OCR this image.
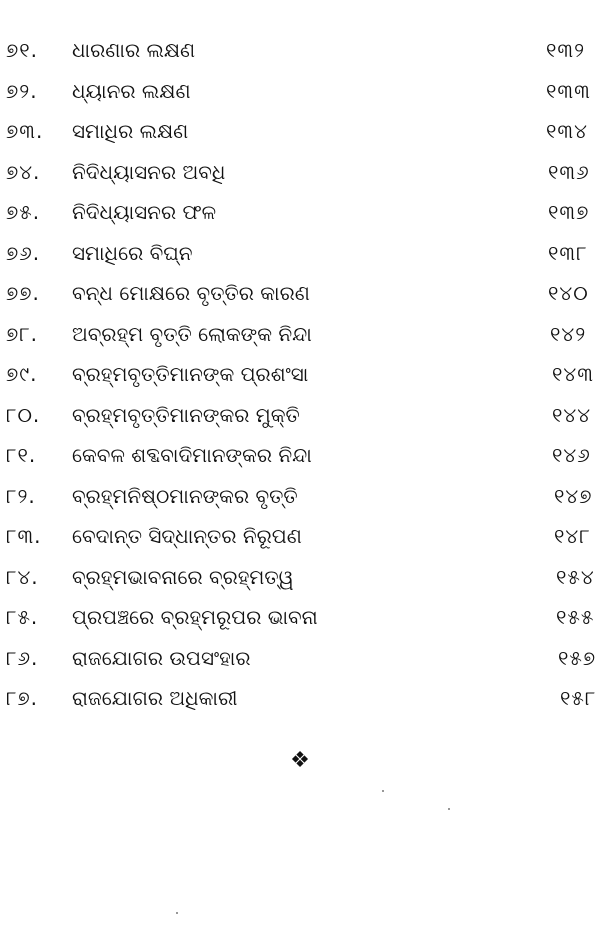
୭୧. ଧାରଣାର ଲକ୍ଷଣ	୧୩୨
୭୨. ଧ୍ୟାନର ଲକ୍ଷଣ	୧୩୩
୭୩. ସମାଧିର ଲକ୍ଷଣ	୧୩୪
୭୪. ନିଦିଧ୍ୟାସନର ଅବଧି	୧୩୬
୭୫. ନିଦିଧ୍ୟାସନର ଫଳ	୧୩୭
୭୬. ସମାଧିରେ ବିଘ୍ନ	୧୩୮
୭୭. ବନ୍ଧ ମୋକ୍ଷରେ ବୃତ୍ତିର କାରଣ	୧୪୦
୭୮. ଅବ୍ରହ୍ମ ବୃତ୍ତି ଲୋକଙ୍କ ନିନ୍ଦା	୧୪୨
୭୯. ବ୍ରହ୍ମବୃତ୍ତିମାନଙ୍କ ପ୍ରଶଂସା	୧୪୩
୮୦. ବ୍ରହ୍ମବୃତ୍ତିମାନଙ୍କର ମୁକ୍ତି	୧୪୪
୮୧. କେବଳ ଶବ୍ଦବାଦିମାନଙ୍କର ନିନ୍ଦା	୧୪୬
୮୨. ବ୍ରହ୍ମନିଷ୍ଠମାନଙ୍କର ବୃତ୍ତି	୧୪୭
୮୩. ବେଦାନ୍ତ ସିଦ୍ଧାନ୍ତର ନିରୂପଣ	୧୪୮
୮୪. ବ୍ରହ୍ମଭାବନାରେ ବ୍ରହ୍ମତ୍ୱ	୧୫୪
୮୫. ପ୍ରପଞ୍ଚରେ ବ୍ରହ୍ମରୂପର ଭାବନା	୧୫୫
୮୬. ରାଜଯୋଗର ଉପସଂହାର	୧୫୭
୮୭. ରାଜଯୋଗର ଅଧିକାରୀ	୧୫୮
❖
